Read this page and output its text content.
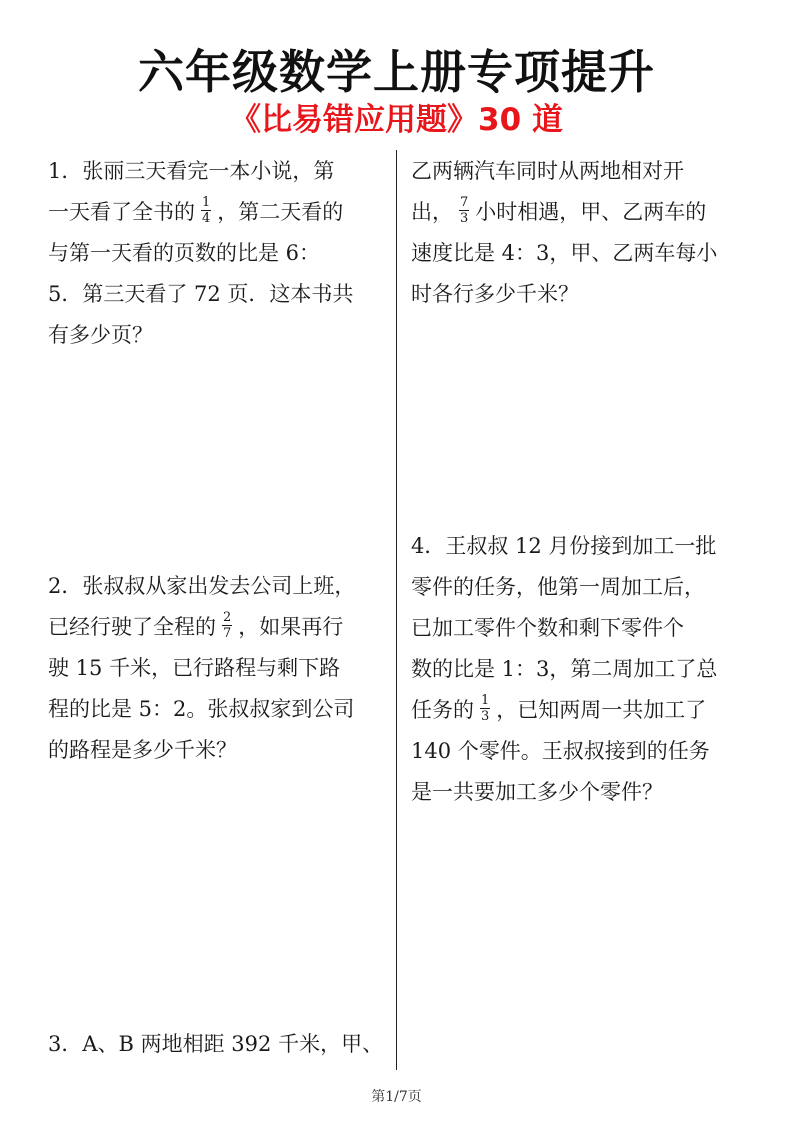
六年级数学上册专项提升
《比易错应用题》30 道
1．张丽三天看完一本小说，第
一天看了全书的 $\frac{1}{4}$ ，第二天看的
与第一天看的页数的比是 6：
5．第三天看了 72 页．这本书共
有多少页？
2．张叔叔从家出发去公司上班，
已经行驶了全程的 $\frac{2}{7}$ ，如果再行
驶 15 千米，已行路程与剩下路
程的比是 5：2。张叔叔家到公司
的路程是多少千米？
3．A、B 两地相距 392 千米，甲、
乙两辆汽车同时从两地相对开
出， $\frac{7}{3}$ 小时相遇，甲、乙两车的
速度比是 4：3，甲、乙两车每小
时各行多少千米？
4．王叔叔 12 月份接到加工一批
零件的任务，他第一周加工后，
已加工零件个数和剩下零件个
数的比是 1：3，第二周加工了总
任务的 $\frac{1}{3}$ ，已知两周一共加工了
140 个零件。王叔叔接到的任务
是一共要加工多少个零件？
第1/7页
